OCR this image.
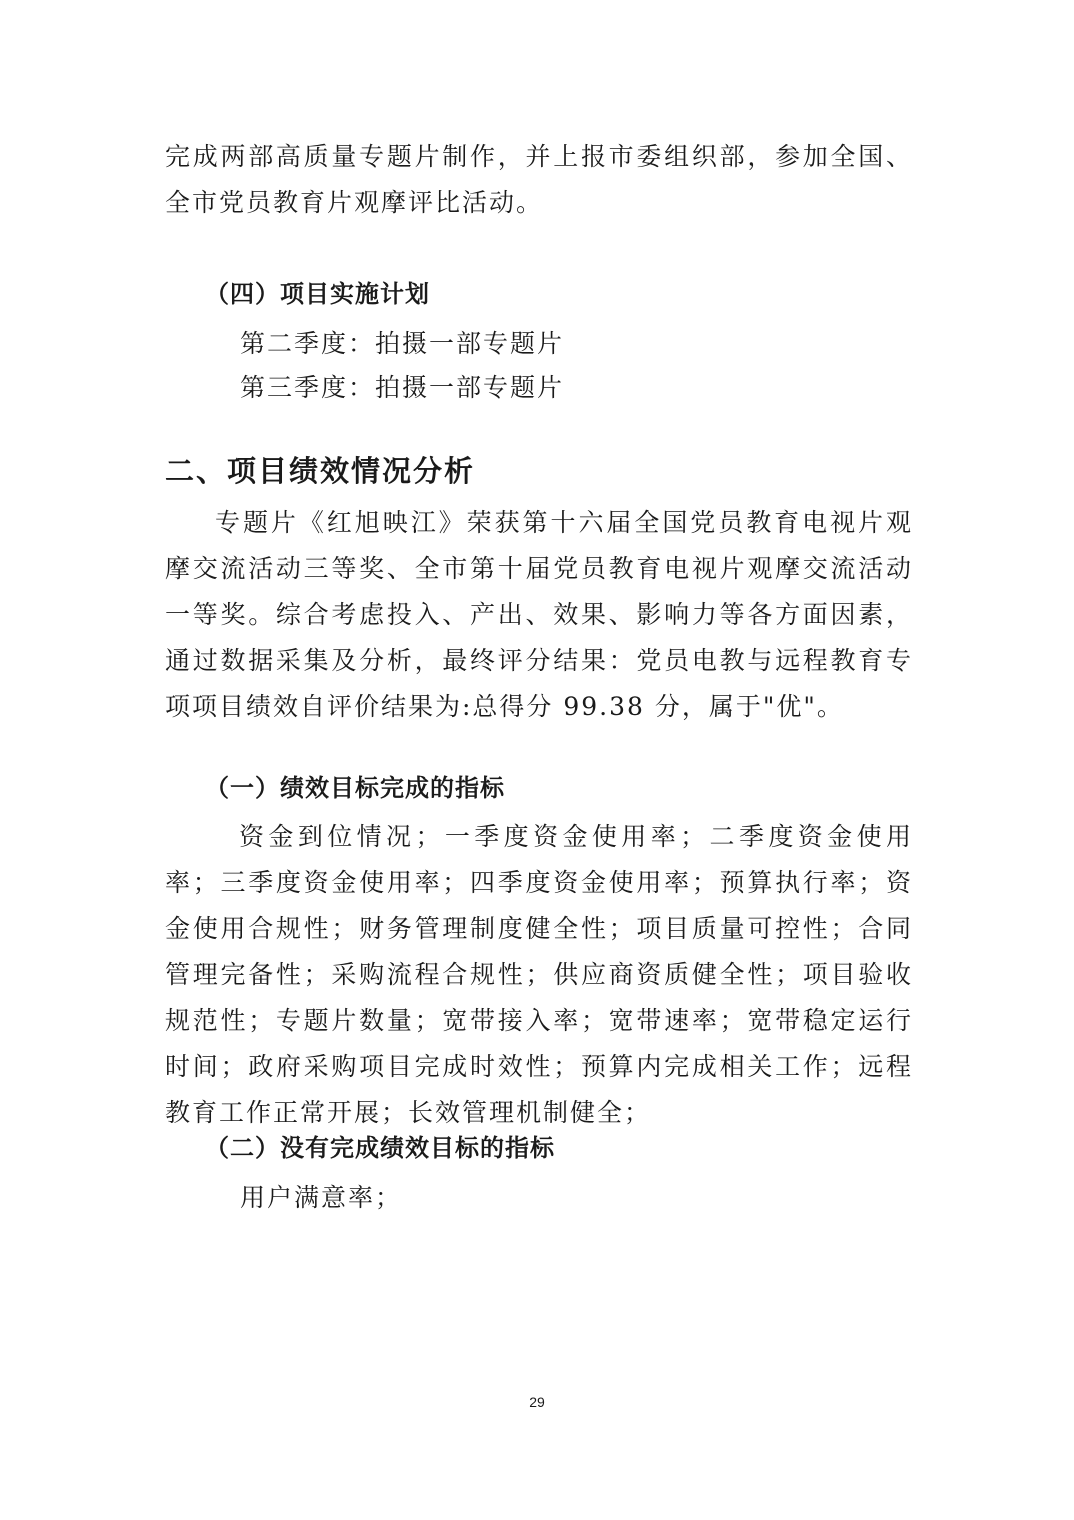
完成两部高质量专题片制作，并上报市委组织部，参加全国、全市党员教育片观摩评比活动。

（四）项目实施计划

第二季度：拍摄一部专题片

第三季度：拍摄一部专题片

二、项目绩效情况分析

专题片《红旭映江》荣获第十六届全国党员教育电视片观摩交流活动三等奖、全市第十届党员教育电视片观摩交流活动一等奖。综合考虑投入、产出、效果、影响力等各方面因素，通过数据采集及分析，最终评分结果：党员电教与远程教育专项项目绩效自评价结果为:总得分 99.38 分，属于"优"。

（一）绩效目标完成的指标

资金到位情况；一季度资金使用率；二季度资金使用率；三季度资金使用率；四季度资金使用率；预算执行率；资金使用合规性；财务管理制度健全性；项目质量可控性；合同管理完备性；采购流程合规性；供应商资质健全性；项目验收规范性；专题片数量；宽带接入率；宽带速率；宽带稳定运行时间；政府采购项目完成时效性；预算内完成相关工作；远程教育工作正常开展；长效管理机制健全；

（二）没有完成绩效目标的指标

用户满意率；

29
